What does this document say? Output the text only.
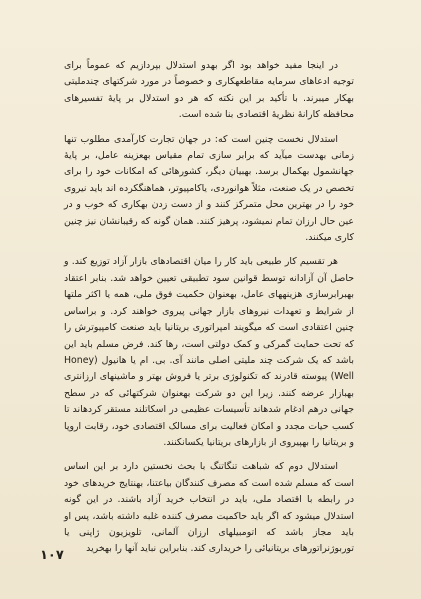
در اینجا مفید خواهد بود اگر بهدو استدلال بپردازیم که عموماً برای توجیه ادعاهای سرمایه مقاطعهکاری و خصوصاً در مورد شرکتهای چندملیتی بهکار میبرند. با تأکید بر این نکته که هر دو استدلال بر پایهٔ تفسیرهای محافظه کارانهٔ نظریهٔ اقتصادی بنا شده است.

استدلال نخست چنین است که: در جهان تجارت کارآمدی مطلوب تنها زمانی بهدست میآید که برابر سازی تمام مقیاس بهعزینه عامل، بر پایهٔ جهانشمول بهکمال برسد. بهبیان دیگر، کشورهائی که امکانات خود را برای تخصص در یک صنعت، مثلاً هوانوردی، یاکامپیوتر، هماهنگکرده اند باید نیروی خود را در بهترین محل متمرکز کنند و از دست زدن بهکاری که خوب و در عین حال ارزان تمام نمیشود، پرهیز کنند. همان گونه که رقیبانشان نیز چنین کاری میکنند.

هر تقسیم کار طبیعی باید کار را میان اقتصادهای بازار آزاد توزیع کند. و حاصل آن آزادانه توسط قوانین سود تطبیقی تعیین خواهد شد. بنابر اعتقاد بهبرابرسازی هزینههای عامل، بهعنوان حکمیت فوق ملی، همه یا اکثر ملتها از شرایط و تعهدات نیروهای بازار جهانی پیروی خواهند کرد. و براساس چنین اعتقادی است که میگویند امپراتوری بریتانیا باید صنعت کامپیوترش را که تحت حمایت گمرکی و کمک دولتی است، رها کند. فرض مسلم باید این باشد که یک شرکت چند ملیتی اصلی مانند آی. بی. ام یا هانیول (Honey Well) پیوسته قادرند که تکنولوژی برتر یا فروش بهتر و ماشینهای ارزانتری بهبازار عرضه کنند. زیرا این دو شرکت بهعنوان شرکتهائی که در سطح جهانی درهم ادغام شدهاند تأسیسات عظیمی در اسکاتلند مستقر کردهاند تا کسب حیات مجدد و امکان فعالیت برای مسالک اقتصادی خود، رقابت اروپا و بریتانیا را بهپیروی از بازارهای بریتانیا یکسانکنند.

استدلال دوم که شباهت تنگاتنگ با بحث نخستین دارد بر این اساس است که مسلم شده است که مصرف کنندگان بیاعتنا، بهنتایج خریدهای خود در رابطه با اقتصاد ملی، باید در انتخاب خرید آزاد باشند. در این گونه استدلال میشود که اگر باید حاکمیت مصرف کننده غلبه داشته باشد، پس او باید مجاز باشد که اتومبیلهای ارزان آلمانی، تلویزیون ژاپنی یا توربوژنراتورهای بریتانیائی را خریداری کند. بنابراین نباید آنها را بهخرید

۱۰۷
